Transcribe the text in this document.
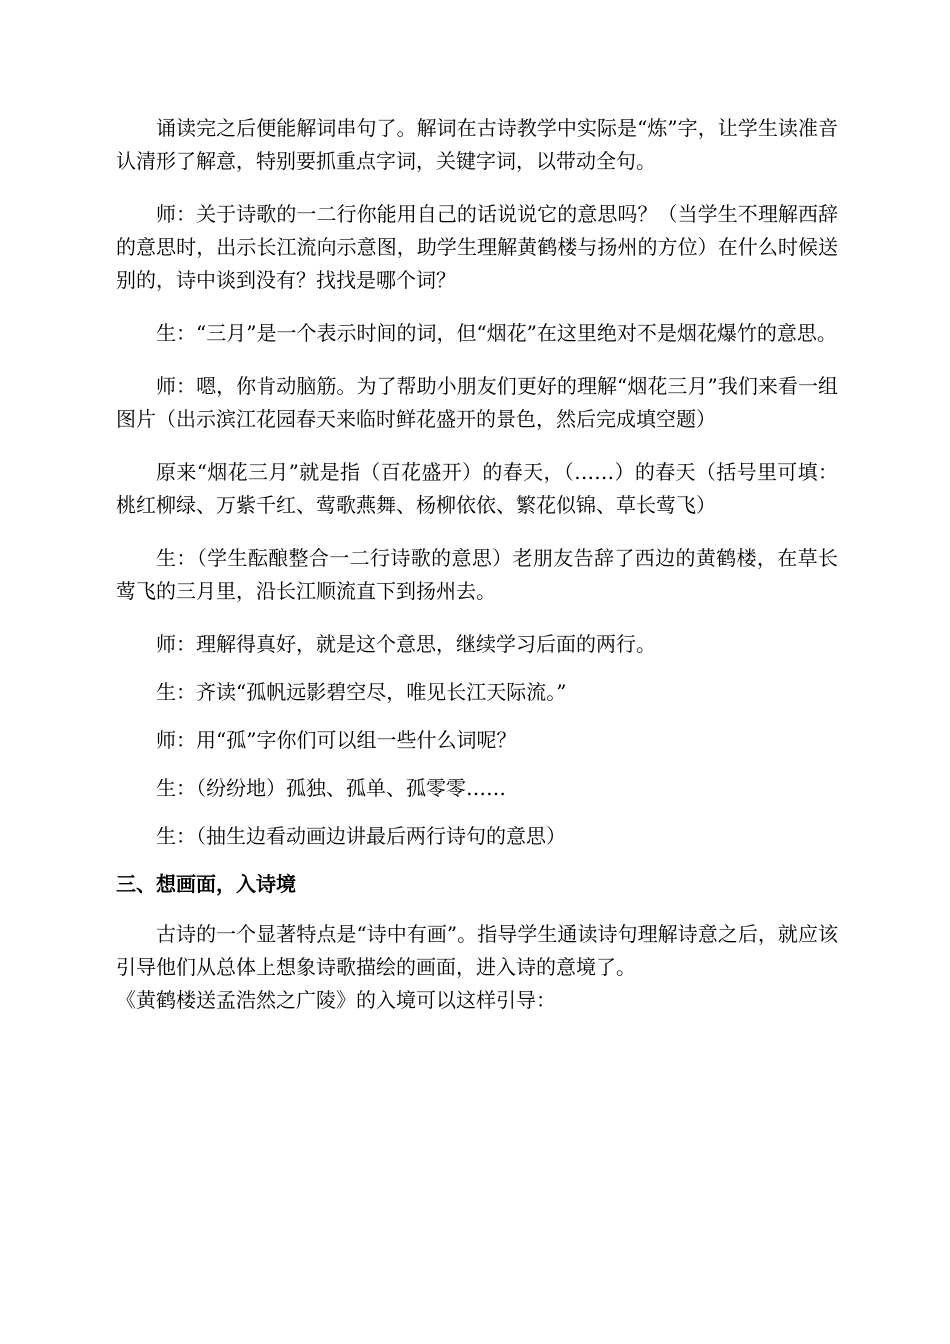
诵读完之后便能解词串句了。解词在古诗教学中实际是“炼”字，让学生读准音认清形了解意，特别要抓重点字词，关键字词，以带动全句。

师：关于诗歌的一二行你能用自己的话说说它的意思吗？（当学生不理解西辞的意思时，出示长江流向示意图，助学生理解黄鹤楼与扬州的方位）在什么时候送别的，诗中谈到没有？找找是哪个词？

生：“三月”是一个表示时间的词，但“烟花”在这里绝对不是烟花爆竹的意思。

师：嗯，你肯动脑筋。为了帮助小朋友们更好的理解“烟花三月”我们来看一组图片（出示滨江花园春天来临时鲜花盛开的景色，然后完成填空题）

原来“烟花三月”就是指（百花盛开）的春天，（……）的春天（括号里可填：桃红柳绿、万紫千红、莺歌燕舞、杨柳依依、繁花似锦、草长莺飞）

生：（学生酝酿整合一二行诗歌的意思）老朋友告辞了西边的黄鹤楼，在草长莺飞的三月里，沿长江顺流直下到扬州去。

师：理解得真好，就是这个意思，继续学习后面的两行。

生：齐读“孤帆远影碧空尽，唯见长江天际流。”

师：用“孤”字你们可以组一些什么词呢？

生：（纷纷地）孤独、孤单、孤零零……

生：（抽生边看动画边讲最后两行诗句的意思）

三、想画面，入诗境

古诗的一个显著特点是“诗中有画”。指导学生通读诗句理解诗意之后，就应该引导他们从总体上想象诗歌描绘的画面，进入诗的意境了。

《黄鹤楼送孟浩然之广陵》的入境可以这样引导：
